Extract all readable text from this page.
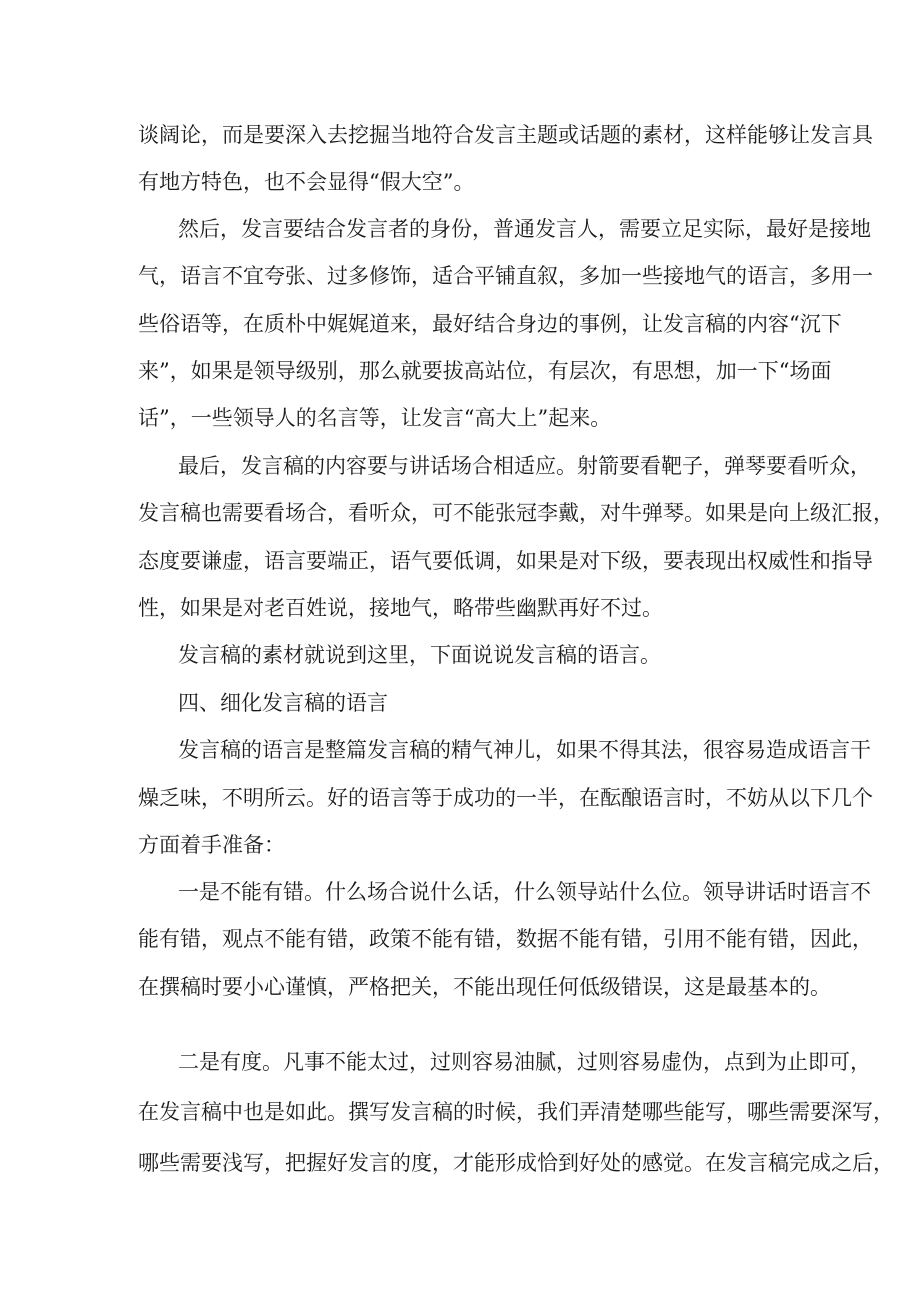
谈阔论，而是要深入去挖掘当地符合发言主题或话题的素材，这样能够让发言具
有地方特色，也不会显得“假大空”。
然后，发言要结合发言者的身份，普通发言人，需要立足实际，最好是接地
气，语言不宜夸张、过多修饰，适合平铺直叙，多加一些接地气的语言，多用一
些俗语等，在质朴中娓娓道来，最好结合身边的事例，让发言稿的内容“沉下
来”，如果是领导级别，那么就要拔高站位，有层次，有思想，加一下“场面
话”，一些领导人的名言等，让发言“高大上”起来。
最后，发言稿的内容要与讲话场合相适应。射箭要看靶子，弹琴要看听众，
发言稿也需要看场合，看听众，可不能张冠李戴，对牛弹琴。如果是向上级汇报，
态度要谦虚，语言要端正，语气要低调，如果是对下级，要表现出权威性和指导
性，如果是对老百姓说，接地气，略带些幽默再好不过。
发言稿的素材就说到这里，下面说说发言稿的语言。
四、细化发言稿的语言
发言稿的语言是整篇发言稿的精气神儿，如果不得其法，很容易造成语言干
燥乏味，不明所云。好的语言等于成功的一半，在酝酿语言时，不妨从以下几个
方面着手准备：
一是不能有错。什么场合说什么话，什么领导站什么位。领导讲话时语言不
能有错，观点不能有错，政策不能有错，数据不能有错，引用不能有错，因此，
在撰稿时要小心谨慎，严格把关，不能出现任何低级错误，这是最基本的。
二是有度。凡事不能太过，过则容易油腻，过则容易虚伪，点到为止即可，
在发言稿中也是如此。撰写发言稿的时候，我们弄清楚哪些能写，哪些需要深写，
哪些需要浅写，把握好发言的度，才能形成恰到好处的感觉。在发言稿完成之后，
